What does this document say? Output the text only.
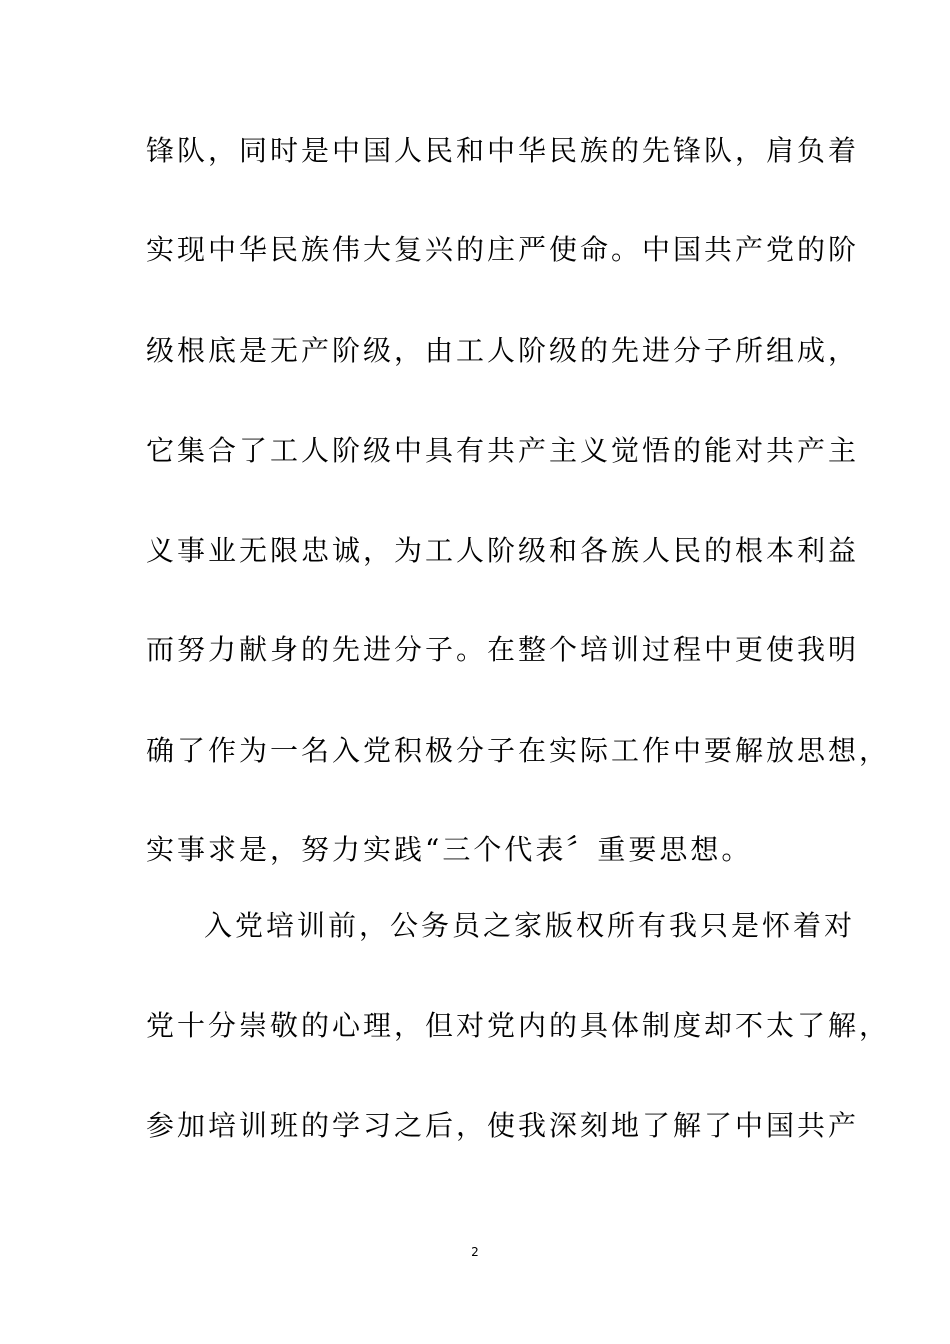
锋队，同时是中国人民和中华民族的先锋队，肩负着
实现中华民族伟大复兴的庄严使命。中国共产党的阶
级根底是无产阶级，由工人阶级的先进分子所组成，
它集合了工人阶级中具有共产主义觉悟的能对共产主
义事业无限忠诚，为工人阶级和各族人民的根本利益
而努力献身的先进分子。在整个培训过程中更使我明
确了作为一名入党积极分子在实际工作中要解放思想，
实事求是，努力实践“三个代表〞重要思想。
入党培训前，公务员之家版权所有我只是怀着对
党十分崇敬的心理，但对党内的具体制度却不太了解，
参加培训班的学习之后，使我深刻地了解了中国共产
2
